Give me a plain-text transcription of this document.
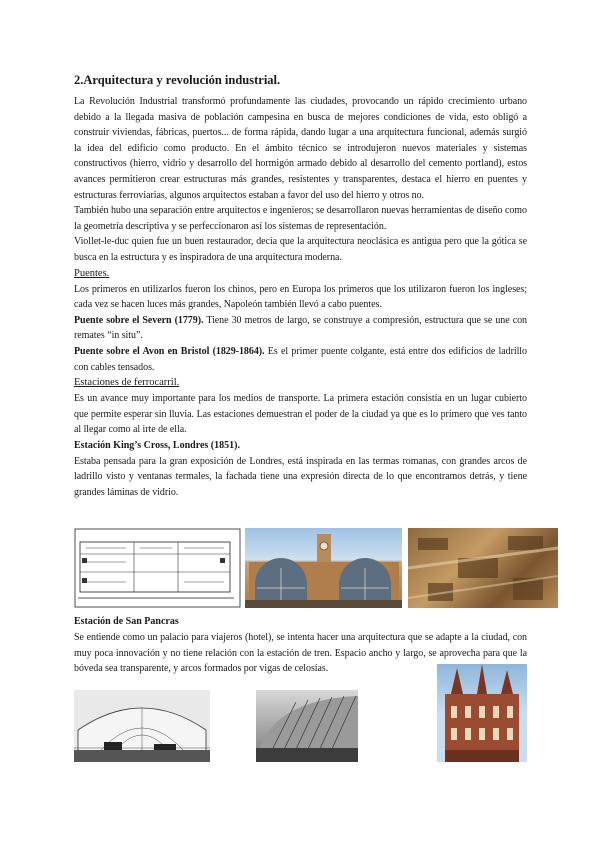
2.Arquitectura y revolución industrial.

La Revolución Industrial transformó profundamente las ciudades, provocando un rápido crecimiento urbano debido a la llegada masiva de población campesina en busca de mejores condiciones de vida, esto obligó a construir viviendas, fábricas, puertos... de forma rápida, dando lugar a una arquitectura funcional, además surgió la idea del edificio como producto. En el ámbito técnico se introdujeron nuevos materiales y sistemas constructivos (hierro, vidrio y desarrollo del hormigón armado debido al desarrollo del cemento portland), estos avances permitieron crear estructuras más grandes, resistentes y transparentes, destaca el hierro en puentes y estructuras ferroviarias, algunos arquitectos estaban a favor del uso del hierro y otros no.

También hubo una separación entre arquitectos e ingenieros; se desarrollaron nuevas herramientas de diseño como la geometría descriptiva y se perfeccionaron así los sistemas de representación.

Viollet-le-duc quien fue un buen restaurador, decía que la arquitectura neoclásica es antigua pero que la gótica se busca en la estructura y es inspiradora de una arquitectura moderna.

Puentes.

Los primeros en utilizarlos fueron los chinos, pero en Europa los primeros que los utilizaron fueron los ingleses; cada vez se hacen luces más grandes, Napoleón también llevó a cabo puentes.

Puente sobre el Severn (1779). Tiene 30 metros de largo, se construye a compresión, estructura que se une con remates “in situ”.

Puente sobre el Avon en Bristol (1829-1864). Es el primer puente colgante, está entre dos edificios de ladrillo con cables tensados.

Estaciones de ferrocarril.

Es un avance muy importante para los medios de transporte. La primera estación consistía en un lugar cubierto que permite esperar sin lluvia. Las estaciones demuestran el poder de la ciudad ya que es lo primero que ves tanto al llegar como al irte de ella.

Estación King’s Cross, Londres (1851).

Estaba pensada para la gran exposición de Londres, está inspirada en las termas romanas, con grandes arcos de ladrillo visto y ventanas termales, la fachada tiene una expresión directa de lo que encontramos detrás, y tiene grandes láminas de vidrio.

Estación de San Pancras

Se entiende como un palacio para viajeros (hotel), se intenta hacer una arquitectura que se adapte a la ciudad, con muy poca innovación y no tiene relación con la estación de tren. Espacio ancho y largo, se aprovecha para que la bóveda sea transparente, y arcos formados por vigas de celosías.
